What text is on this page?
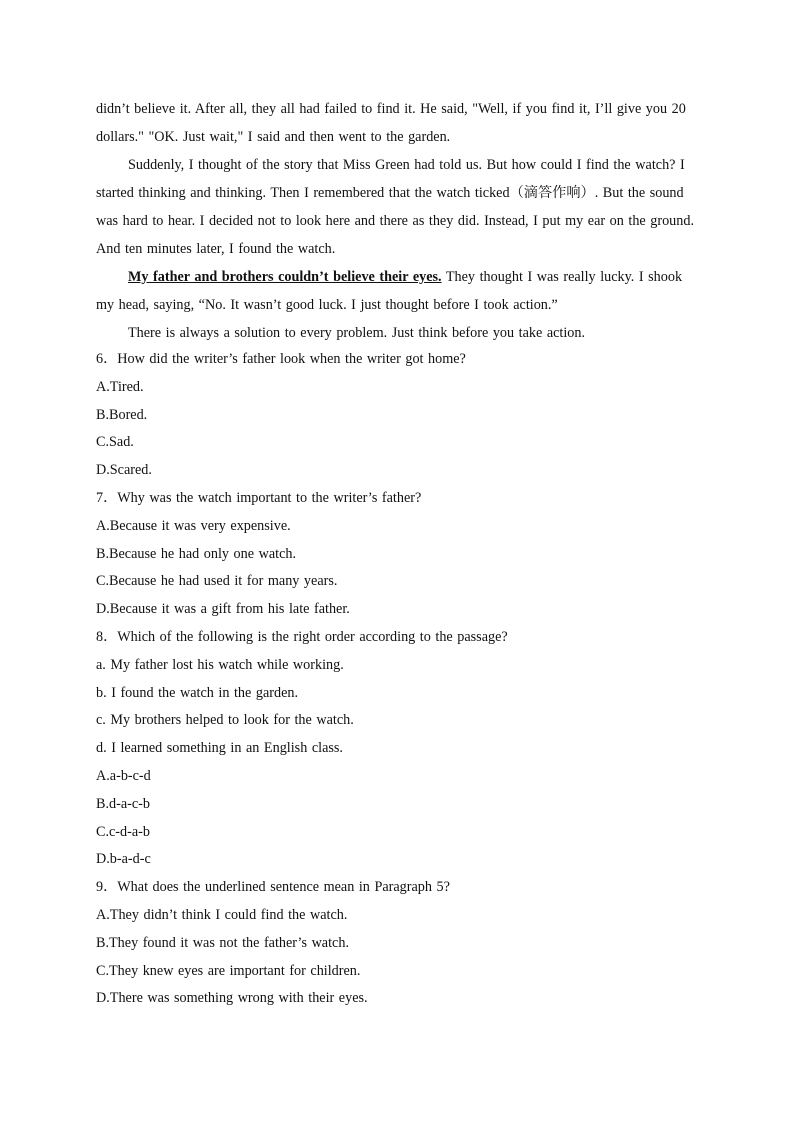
didn’t believe it. After all, they all had failed to find it. He said, "Well, if you find it, I’ll give you 20 dollars." "OK. Just wait," I said and then went to the garden.

Suddenly, I thought of the story that Miss Green had told us. But how could I find the watch? I started thinking and thinking. Then I remembered that the watch ticked（滴答作响）. But the sound was hard to hear. I decided not to look here and there as they did. Instead, I put my ear on the ground. And ten minutes later, I found the watch.

My father and brothers couldn’t believe their eyes. They thought I was really lucky. I shook my head, saying, “No. It wasn’t good luck. I just thought before I took action.”

There is always a solution to every problem. Just think before you take action.

6．How did the writer’s father look when the writer got home?

A.Tired.

B.Bored.

C.Sad.

D.Scared.

7．Why was the watch important to the writer’s father?

A.Because it was very expensive.

B.Because he had only one watch.

C.Because he had used it for many years.

D.Because it was a gift from his late father.

8．Which of the following is the right order according to the passage?

a. My father lost his watch while working.

b. I found the watch in the garden.

c. My brothers helped to look for the watch.

d. I learned something in an English class.

A.a-b-c-d

B.d-a-c-b

C.c-d-a-b

D.b-a-d-c

9．What does the underlined sentence mean in Paragraph 5?

A.They didn’t think I could find the watch.

B.They found it was not the father’s watch.

C.They knew eyes are important for children.

D.There was something wrong with their eyes.
